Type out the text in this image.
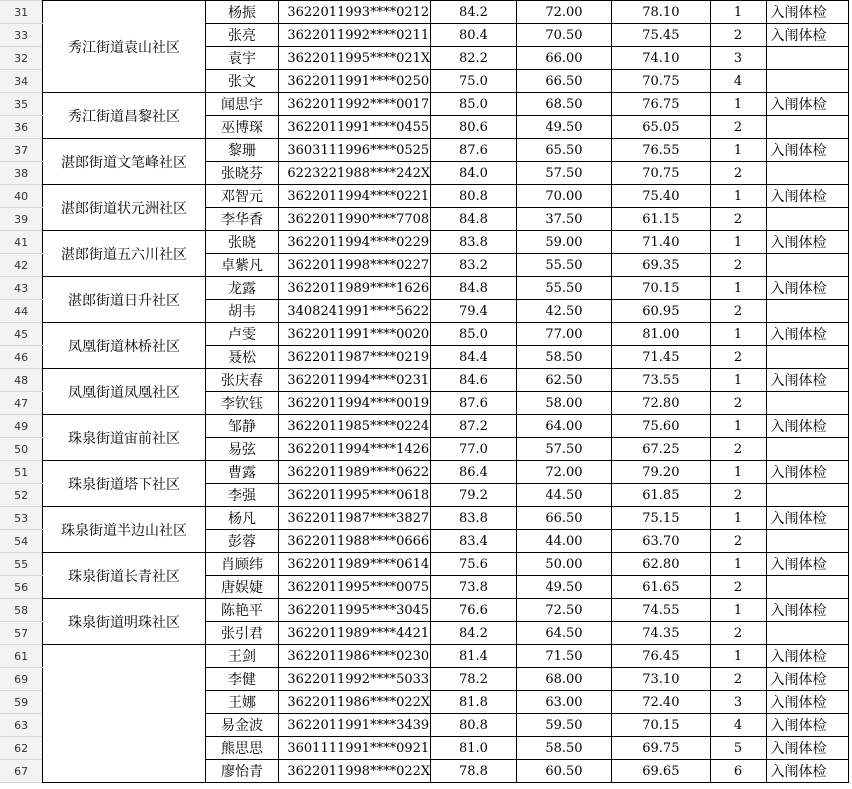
31	秀江街道袁山社区	杨振	3622011993****0212	84.2	72.00	78.10	1	入闱体检	
33		张亮	3622011992****0211	80.4	70.50	75.45	2	入闱体检	
32		袁宇	3622011995****021X	82.2	66.00	74.10	3		
34		张文	3622011991****0250	75.0	66.50	70.75	4		
35	秀江街道昌黎社区	闻思宇	3622011992****0017	85.0	68.50	76.75	1	入闱体检	
36		巫博琛	3622011991****0455	80.6	49.50	65.05	2		
37	湛郎街道文笔峰社区	黎珊	3603111996****0525	87.6	65.50	76.55	1	入闱体检	
38		张晓芬	6223221988****242X	84.0	57.50	70.75	2		
40	湛郎街道状元洲社区	邓智元	3622011994****0221	80.8	70.00	75.40	1	入闱体检	
39		李华香	3622011990****7708	84.8	37.50	61.15	2		
41	湛郎街道五六川社区	张晓	3622011994****0229	83.8	59.00	71.40	1	入闱体检	
42		卓紫凡	3622011998****0227	83.2	55.50	69.35	2		
43	湛郎街道日升社区	龙露	3622011989****1626	84.8	55.50	70.15	1	入闱体检	
44		胡韦	3408241991****5622	79.4	42.50	60.95	2		
45	凤凰街道林桥社区	卢雯	3622011991****0020	85.0	77.00	81.00	1	入闱体检	
46		聂松	3622011987****0219	84.4	58.50	71.45	2		
48	凤凰街道凤凰社区	张庆春	3622011994****0231	84.6	62.50	73.55	1	入闱体检	
47		李钦钰	3622011994****0019	87.6	58.00	72.80	2		
49	珠泉街道宙前社区	邹静	3622011985****0224	87.2	64.00	75.60	1	入闱体检	
50		易弦	3622011994****1426	77.0	57.50	67.25	2		
51	珠泉街道塔下社区	曹露	3622011989****0622	86.4	72.00	79.20	1	入闱体检	
52		李强	3622011995****0618	79.2	44.50	61.85	2		
53	珠泉街道半边山社区	杨凡	3622011987****3827	83.8	66.50	75.15	1	入闱体检	
54		彭蓉	3622011988****0666	83.4	44.00	63.70	2		
55	珠泉街道长青社区	肖顾纬	3622011989****0614	75.6	50.00	62.80	1	入闱体检	
56		唐娱婕	3622011995****0075	73.8	49.50	61.65	2		
58	珠泉街道明珠社区	陈艳平	3622011995****3045	76.6	72.50	74.55	1	入闱体检	
57		张引君	3622011989****4421	84.2	64.50	74.35	2		
61		王剑	3622011986****0230	81.4	71.50	76.45	1	入闱体检	
69		李健	3622011992****5033	78.2	68.00	73.10	2	入闱体检	
59		王娜	3622011986****022X	81.8	63.00	72.40	3	入闱体检	
63		易金波	3622011991****3439	80.8	59.50	70.15	4	入闱体检	
62		熊思思	3601111991****0921	81.0	58.50	69.75	5	入闱体检	
67		廖怡青	3622011998****022X	78.8	60.50	69.65	6	入闱体检	
